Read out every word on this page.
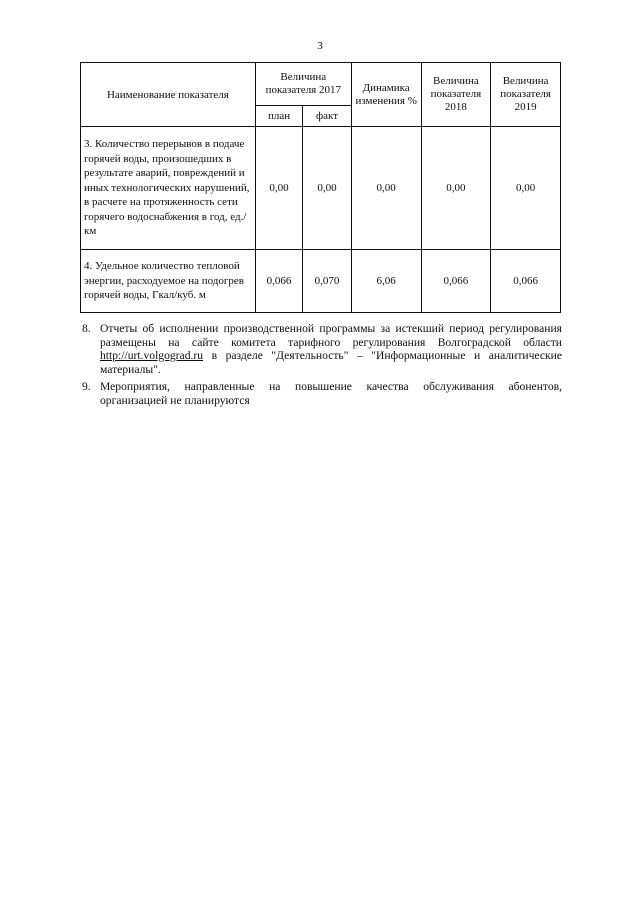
3
Наименование показателя	Величина показателя 2017		Динамика изменения %	Величина показателя 2018	Величина показателя 2019
	план	факт			
3. Количество перерывов в подаче горячей воды, произошедших в результате аварий, повреждений и иных технологических нарушений, в расчете на протяженность сети горячего водоснабжения в год, ед./км	0,00	0,00	0,00	0,00	0,00
4. Удельное количество тепловой энергии, расходуемое на подогрев горячей воды, Гкал/куб. м	0,066	0,070	6,06	0,066	0,066
8. Отчеты об исполнении производственной программы за истекший период регулирования размещены на сайте комитета тарифного регулирования Волгоградской области http://urt.volgograd.ru в разделе "Деятельность" – "Информационные и аналитические материалы".
9. Мероприятия, направленные на повышение качества обслуживания абонентов, организацией не планируются
